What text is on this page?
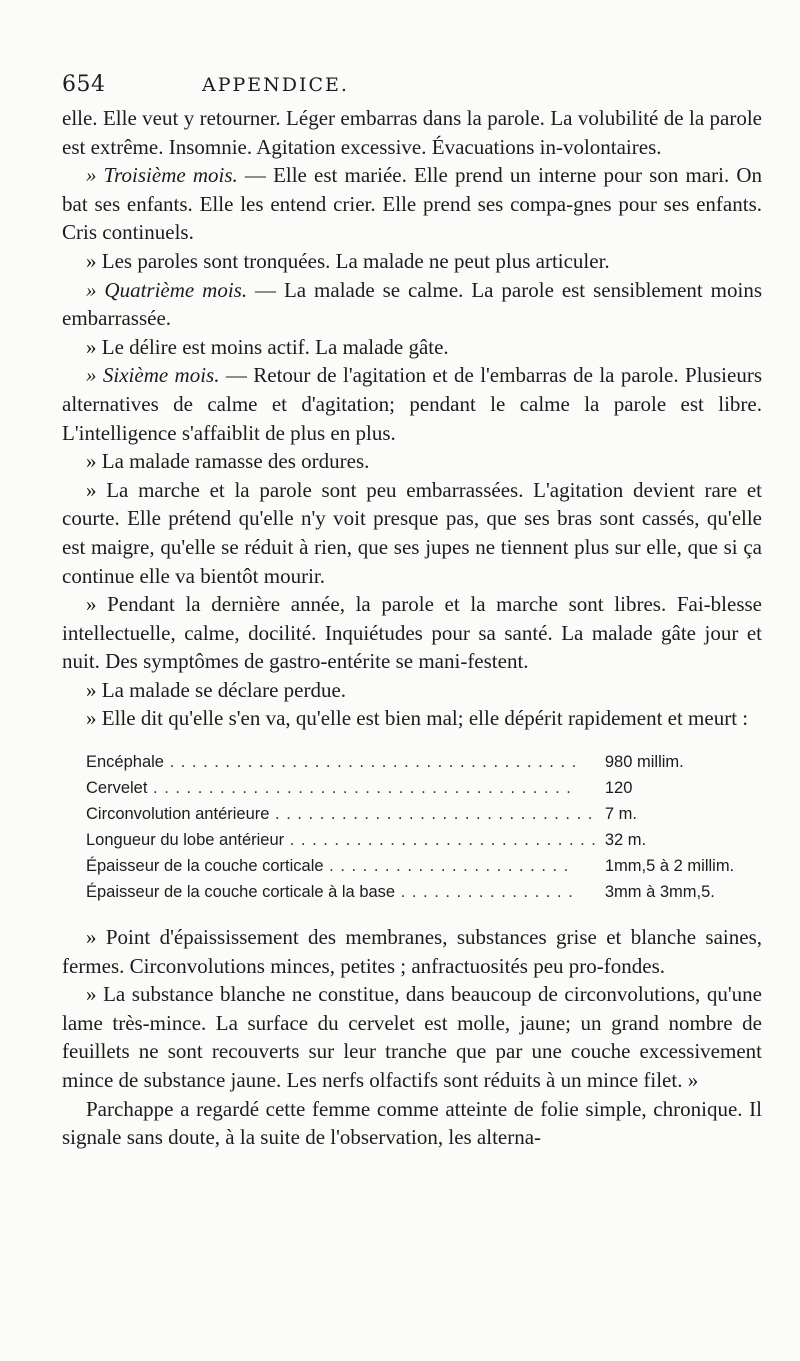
654	APPENDICE.

elle. Elle veut y retourner. Léger embarras dans la parole. La volubilité de la parole est extrême. Insomnie. Agitation excessive. Évacuations in-volontaires.

» Troisième mois. — Elle est mariée. Elle prend un interne pour son mari. On bat ses enfants. Elle les entend crier. Elle prend ses compa-gnes pour ses enfants. Cris continuels.

» Les paroles sont tronquées. La malade ne peut plus articuler.

» Quatrième mois. — La malade se calme. La parole est sensiblement moins embarrassée.

» Le délire est moins actif. La malade gâte.

» Sixième mois. — Retour de l'agitation et de l'embarras de la parole. Plusieurs alternatives de calme et d'agitation; pendant le calme la parole est libre. L'intelligence s'affaiblit de plus en plus.

» La malade ramasse des ordures.

» La marche et la parole sont peu embarrassées. L'agitation devient rare et courte. Elle prétend qu'elle n'y voit presque pas, que ses bras sont cassés, qu'elle est maigre, qu'elle se réduit à rien, que ses jupes ne tiennent plus sur elle, que si ça continue elle va bientôt mourir.

» Pendant la dernière année, la parole et la marche sont libres. Fai-blesse intellectuelle, calme, docilité. Inquiétudes pour sa santé. La malade gâte jour et nuit. Des symptômes de gastro-entérite se mani-festent.

» La malade se déclare perdue.

» Elle dit qu'elle s'en va, qu'elle est bien mal; elle dépérit rapidement et meurt :

Encéphale . . . . . . . . . . . . . . . . . . . . . . . . . . . . . . . . . . . . .	980 millim.
Cervelet . . . . . . . . . . . . . . . . . . . . . . . . . . . . . . . . . . . . . .	120
Circonvolution antérieure . . . . . . . . . . . . . . . . . . . . . . . . . . . . .	7 m.
Longueur du lobe antérieur . . . . . . . . . . . . . . . . . . . . . . . . . . . .	32 m.
Épaisseur de la couche corticale . . . . . . . . . . . . . . . . . . . . . .	1mm,5 à 2 millim.
Épaisseur de la couche corticale à la base . . . . . . . . . . . . . . . .	3mm à 3mm,5.

» Point d'épaississement des membranes, substances grise et blanche saines, fermes. Circonvolutions minces, petites ; anfractuosités peu pro-fondes.

» La substance blanche ne constitue, dans beaucoup de circonvolutions, qu'une lame très-mince. La surface du cervelet est molle, jaune; un grand nombre de feuillets ne sont recouverts sur leur tranche que par une couche excessivement mince de substance jaune. Les nerfs olfactifs sont réduits à un mince filet. »

Parchappe a regardé cette femme comme atteinte de folie simple, chronique. Il signale sans doute, à la suite de l'observation, les alterna-
